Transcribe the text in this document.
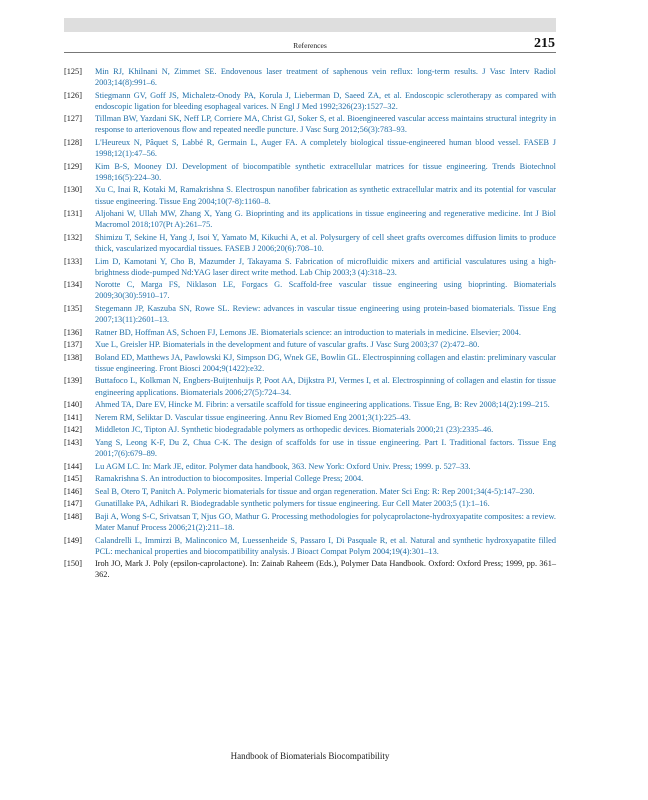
References	215
[125] Min RJ, Khilnani N, Zimmet SE. Endovenous laser treatment of saphenous vein reflux: long-term results. J Vasc Interv Radiol 2003;14(8):991–6.
[126] Stiegmann GV, Goff JS, Michaletz-Onody PA, Korula J, Lieberman D, Saeed ZA, et al. Endoscopic sclerotherapy as compared with endoscopic ligation for bleeding esophageal varices. N Engl J Med 1992;326(23):1527–32.
[127] Tillman BW, Yazdani SK, Neff LP, Corriere MA, Christ GJ, Soker S, et al. Bioengineered vascular access maintains structural integrity in response to arteriovenous flow and repeated needle puncture. J Vasc Surg 2012;56(3):783–93.
[128] L'Heureux N, Pâquet S, Labbé R, Germain L, Auger FA. A completely biological tissue-engineered human blood vessel. FASEB J 1998;12(1):47–56.
[129] Kim B-S, Mooney DJ. Development of biocompatible synthetic extracellular matrices for tissue engineering. Trends Biotechnol 1998;16(5):224–30.
[130] Xu C, Inai R, Kotaki M, Ramakrishna S. Electrospun nanofiber fabrication as synthetic extracellular matrix and its potential for vascular tissue engineering. Tissue Eng 2004;10(7-8):1160–8.
[131] Aljohani W, Ullah MW, Zhang X, Yang G. Bioprinting and its applications in tissue engineering and regenerative medicine. Int J Biol Macromol 2018;107(Pt A):261–75.
[132] Shimizu T, Sekine H, Yang J, Isoi Y, Yamato M, Kikuchi A, et al. Polysurgery of cell sheet grafts overcomes diffusion limits to produce thick, vascularized myocardial tissues. FASEB J 2006;20(6):708–10.
[133] Lim D, Kamotani Y, Cho B, Mazumder J, Takayama S. Fabrication of microfluidic mixers and artificial vasculatures using a high-brightness diode-pumped Nd:YAG laser direct write method. Lab Chip 2003;3 (4):318–23.
[134] Norotte C, Marga FS, Niklason LE, Forgacs G. Scaffold-free vascular tissue engineering using bioprinting. Biomaterials 2009;30(30):5910–17.
[135] Stegemann JP, Kaszuba SN, Rowe SL. Review: advances in vascular tissue engineering using protein-based biomaterials. Tissue Eng 2007;13(11):2601–13.
[136] Ratner BD, Hoffman AS, Schoen FJ, Lemons JE. Biomaterials science: an introduction to materials in medicine. Elsevier; 2004.
[137] Xue L, Greisler HP. Biomaterials in the development and future of vascular grafts. J Vasc Surg 2003;37 (2):472–80.
[138] Boland ED, Matthews JA, Pawlowski KJ, Simpson DG, Wnek GE, Bowlin GL. Electrospinning collagen and elastin: preliminary vascular tissue engineering. Front Biosci 2004;9(1422):e32.
[139] Buttafoco L, Kolkman N, Engbers-Buijtenhuijs P, Poot AA, Dijkstra PJ, Vermes I, et al. Electrospinning of collagen and elastin for tissue engineering applications. Biomaterials 2006;27(5):724–34.
[140] Ahmed TA, Dare EV, Hincke M. Fibrin: a versatile scaffold for tissue engineering applications. Tissue Eng, B: Rev 2008;14(2):199–215.
[141] Nerem RM, Seliktar D. Vascular tissue engineering. Annu Rev Biomed Eng 2001;3(1):225–43.
[142] Middleton JC, Tipton AJ. Synthetic biodegradable polymers as orthopedic devices. Biomaterials 2000;21 (23):2335–46.
[143] Yang S, Leong K-F, Du Z, Chua C-K. The design of scaffolds for use in tissue engineering. Part I. Traditional factors. Tissue Eng 2001;7(6):679–89.
[144] Lu AGM LC. In: Mark JE, editor. Polymer data handbook, 363. New York: Oxford Univ. Press; 1999. p. 527–33.
[145] Ramakrishna S. An introduction to biocomposites. Imperial College Press; 2004.
[146] Seal B, Otero T, Panitch A. Polymeric biomaterials for tissue and organ regeneration. Mater Sci Eng: R: Rep 2001;34(4-5):147–230.
[147] Gunatillake PA, Adhikari R. Biodegradable synthetic polymers for tissue engineering. Eur Cell Mater 2003;5 (1):1–16.
[148] Baji A, Wong S-C, Srivatsan T, Njus GO, Mathur G. Processing methodologies for polycaprolactone-hydroxyapatite composites: a review. Mater Manuf Process 2006;21(2):211–18.
[149] Calandrelli L, Immirzi B, Malinconico M, Luessenheide S, Passaro I, Di Pasquale R, et al. Natural and synthetic hydroxyapatite filled PCL: mechanical properties and biocompatibility analysis. J Bioact Compat Polym 2004;19(4):301–13.
[150] Iroh JO, Mark J. Poly (epsilon-caprolactone). In: Zainab Raheem (Eds.), Polymer Data Handbook. Oxford: Oxford Press; 1999, pp. 361–362.
Handbook of Biomaterials Biocompatibility
